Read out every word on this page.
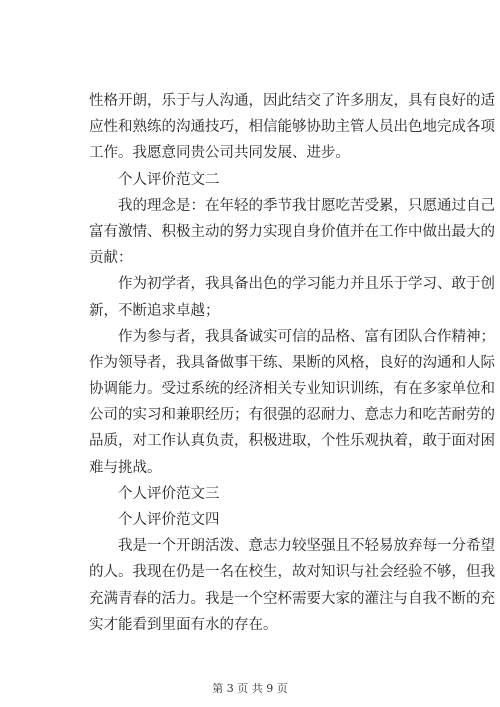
性格开朗，乐于与人沟通，因此结交了许多朋友，具有良好的适
应性和熟练的沟通技巧，相信能够协助主管人员出色地完成各项
工作。我愿意同贵公司共同发展、进步。
个人评价范文二
我的理念是：在年轻的季节我甘愿吃苦受累，只愿通过自己
富有激情、积极主动的努力实现自身价值并在工作中做出最大的
贡献：
作为初学者，我具备出色的学习能力并且乐于学习、敢于创
新，不断追求卓越；
作为参与者，我具备诚实可信的品格、富有团队合作精神；
作为领导者，我具备做事干练、果断的风格，良好的沟通和人际
协调能力。受过系统的经济相关专业知识训练，有在多家单位和
公司的实习和兼职经历；有很强的忍耐力、意志力和吃苦耐劳的
品质，对工作认真负责，积极进取，个性乐观执着，敢于面对困
难与挑战。
个人评价范文三
个人评价范文四
我是一个开朗活泼、意志力较坚强且不轻易放弃每一分希望
的人。我现在仍是一名在校生，故对知识与社会经验不够，但我
充满青春的活力。我是一个空杯需要大家的灌注与自我不断的充
实才能看到里面有水的存在。
第 3 页 共 9 页
